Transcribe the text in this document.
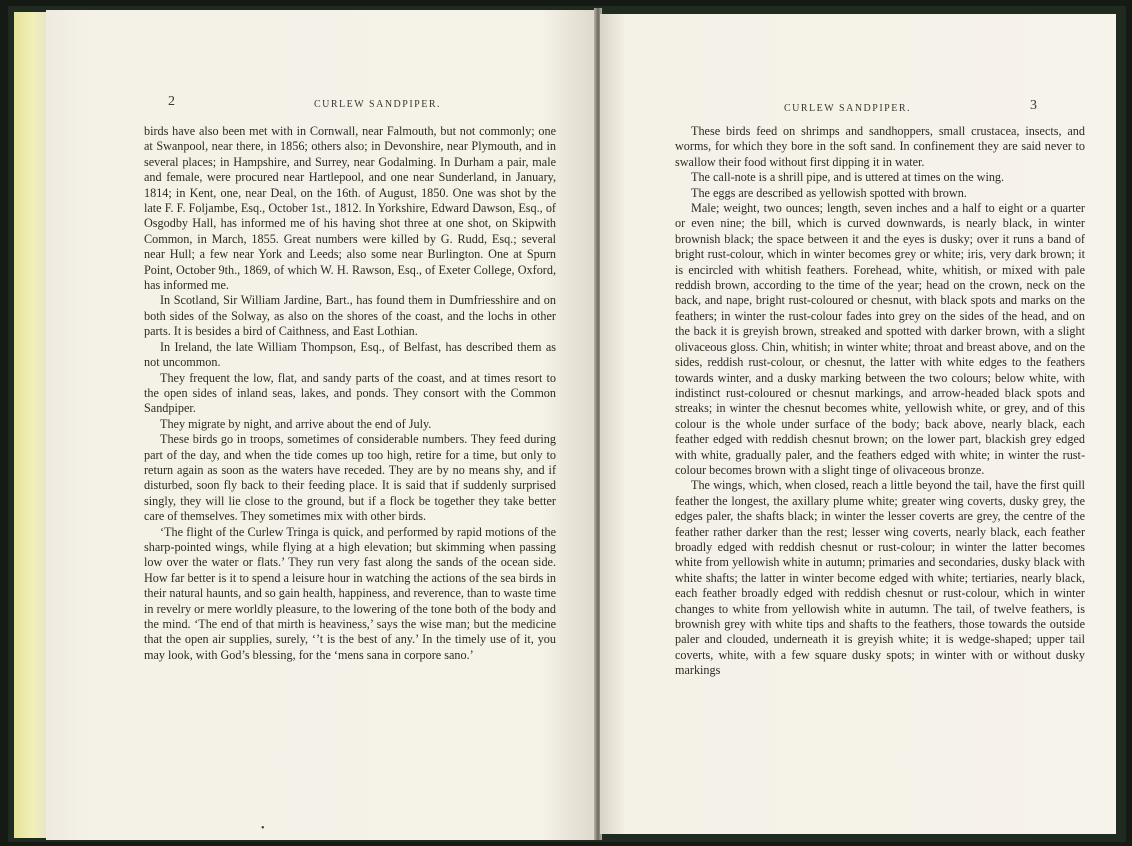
2	CURLEW SANDPIPER.

birds have also been met with in Cornwall, near Falmouth, but not commonly; one at Swanpool, near there, in 1856; others also; in Devonshire, near Plymouth, and in several places; in Hampshire, and Surrey, near Godalming. In Durham a pair, male and female, were procured near Hartlepool, and one near Sunderland, in January, 1814; in Kent, one, near Deal, on the 16th. of August, 1850. One was shot by the late F. F. Foljambe, Esq., October 1st., 1812. In Yorkshire, Edward Dawson, Esq., of Osgodby Hall, has informed me of his having shot three at one shot, on Skipwith Common, in March, 1855. Great numbers were killed by G. Rudd, Esq.; several near Hull; a few near York and Leeds; also some near Burlington. One at Spurn Point, October 9th., 1869, of which W. H. Rawson, Esq., of Exeter College, Oxford, has informed me.

In Scotland, Sir William Jardine, Bart., has found them in Dumfriesshire and on both sides of the Solway, as also on the shores of the coast, and the lochs in other parts. It is besides a bird of Caithness, and East Lothian.

In Ireland, the late William Thompson, Esq., of Belfast, has described them as not uncommon.

They frequent the low, flat, and sandy parts of the coast, and at times resort to the open sides of inland seas, lakes, and ponds. They consort with the Common Sandpiper.

They migrate by night, and arrive about the end of July.

These birds go in troops, sometimes of considerable numbers. They feed during part of the day, and when the tide comes up too high, retire for a time, but only to return again as soon as the waters have receded. They are by no means shy, and if disturbed, soon fly back to their feeding place. It is said that if suddenly surprised singly, they will lie close to the ground, but if a flock be together they take better care of themselves. They sometimes mix with other birds.

‘The flight of the Curlew Tringa is quick, and performed by rapid motions of the sharp-pointed wings, while flying at a high elevation; but skimming when passing low over the water or flats.’ They run very fast along the sands of the ocean side. How far better is it to spend a leisure hour in watching the actions of the sea birds in their natural haunts, and so gain health, happiness, and reverence, than to waste time in revelry or mere worldly pleasure, to the lowering of the tone both of the body and the mind. ‘The end of that mirth is heaviness,’ says the wise man; but the medicine that the open air supplies, surely, ‘’t is the best of any.’ In the timely use of it, you may look, with God’s blessing, for the ‘mens sana in corpore sano.’

•
CURLEW SANDPIPER.	3

These birds feed on shrimps and sandhoppers, small crustacea, insects, and worms, for which they bore in the soft sand. In confinement they are said never to swallow their food without first dipping it in water.

The call-note is a shrill pipe, and is uttered at times on the wing.

The eggs are described as yellowish spotted with brown.

Male; weight, two ounces; length, seven inches and a half to eight or a quarter or even nine; the bill, which is curved downwards, is nearly black, in winter brownish black; the space between it and the eyes is dusky; over it runs a band of bright rust-colour, which in winter becomes grey or white; iris, very dark brown; it is encircled with whitish feathers. Forehead, white, whitish, or mixed with pale reddish brown, according to the time of the year; head on the crown, neck on the back, and nape, bright rust-coloured or chesnut, with black spots and marks on the feathers; in winter the rust-colour fades into grey on the sides of the head, and on the back it is greyish brown, streaked and spotted with darker brown, with a slight olivaceous gloss. Chin, whitish; in winter white; throat and breast above, and on the sides, reddish rust-colour, or chesnut, the latter with white edges to the feathers towards winter, and a dusky marking between the two colours; below white, with indistinct rust-coloured or chesnut markings, and arrow-headed black spots and streaks; in winter the chesnut becomes white, yellowish white, or grey, and of this colour is the whole under surface of the body; back above, nearly black, each feather edged with reddish chesnut brown; on the lower part, blackish grey edged with white, gradually paler, and the feathers edged with white; in winter the rust-colour becomes brown with a slight tinge of olivaceous bronze.

The wings, which, when closed, reach a little beyond the tail, have the first quill feather the longest, the axillary plume white; greater wing coverts, dusky grey, the edges paler, the shafts black; in winter the lesser coverts are grey, the centre of the feather rather darker than the rest; lesser wing coverts, nearly black, each feather broadly edged with reddish chesnut or rust-colour; in winter the latter becomes white from yellowish white in autumn; primaries and secondaries, dusky black with white shafts; the latter in winter become edged with white; tertiaries, nearly black, each feather broadly edged with reddish chesnut or rust-colour, which in winter changes to white from yellowish white in autumn. The tail, of twelve feathers, is brownish grey with white tips and shafts to the feathers, those towards the outside paler and clouded, underneath it is greyish white; it is wedge-shaped; upper tail coverts, white, with a few square dusky spots; in winter with or without dusky markings
